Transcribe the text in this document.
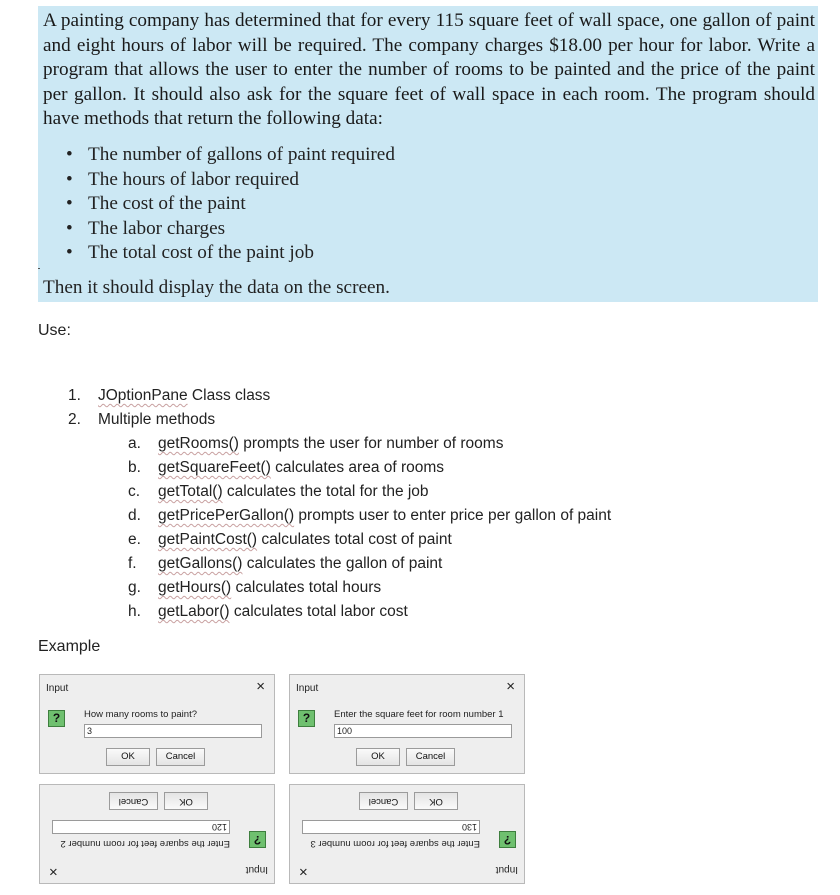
A painting company has determined that for every 115 square feet of wall space, one gallon of paint and eight hours of labor will be required. The company charges $18.00 per hour for labor. Write a program that allows the user to enter the number of rooms to be painted and the price of the paint per gallon. It should also ask for the square feet of wall space in each room. The program should have methods that return the following data:
• The number of gallons of paint required
• The hours of labor required
• The cost of the paint
• The labor charges
• The total cost of the paint job
Then it should display the data on the screen.
Use:
1.	JOptionPane Class class
2.	Multiple methods
a.	getRooms() prompts the user for number of rooms
b.	getSquareFeet() calculates area of rooms
c.	getTotal() calculates the total for the job
d.	getPricePerGallon() prompts user to enter price per gallon of paint
e.	getPaintCost() calculates total cost of paint
f.	getGallons() calculates the gallon of paint
g.	getHours() calculates total hours
h.	getLabor() calculates total labor cost
Example
Input	×
?	How many rooms to paint?
3
OK	Cancel
Input	×
?	Enter the square feet for room number 1
100
OK	Cancel
Input
×
?
Enter the square feet for room number 2
120
OK
Cancel
Input
×
?
Enter the square feet for room number 3
130
OK
Cancel
